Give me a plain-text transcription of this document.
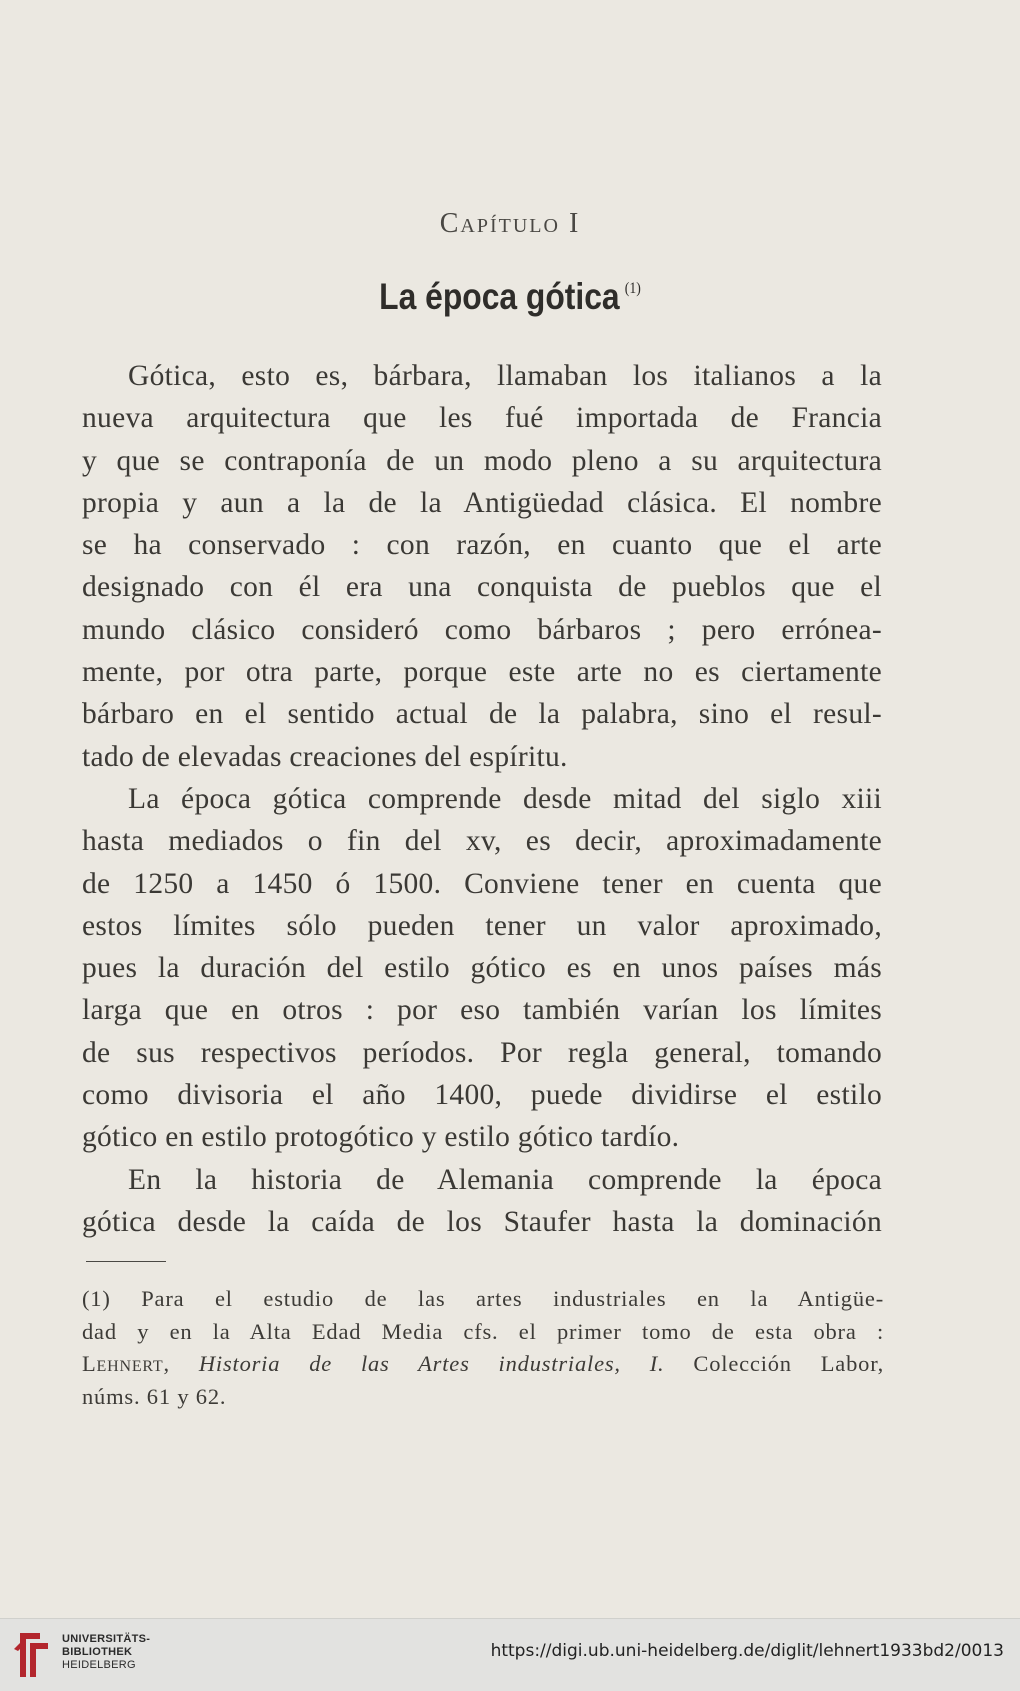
Capítulo I
La época gótica $^{(1)}$

Gótica, esto es, bárbara, llamaban los italianos a la
nueva arquitectura que les fué importada de Francia
y que se contraponía de un modo pleno a su arquitectura
propia y aun a la de la Antigüedad clásica. El nombre
se ha conservado : con razón, en cuanto que el arte
designado con él era una conquista de pueblos que el
mundo clásico consideró como bárbaros ; pero errónea-
mente, por otra parte, porque este arte no es ciertamente
bárbaro en el sentido actual de la palabra, sino el resul-
tado de elevadas creaciones del espíritu.

La época gótica comprende desde mitad del siglo xiii
hasta mediados o fin del xv, es decir, aproximadamente
de 1250 a 1450 ó 1500. Conviene tener en cuenta que
estos límites sólo pueden tener un valor aproximado,
pues la duración del estilo gótico es en unos países más
larga que en otros : por eso también varían los límites
de sus respectivos períodos. Por regla general, tomando
como divisoria el año 1400, puede dividirse el estilo
gótico en estilo protogótico y estilo gótico tardío.

En la historia de Alemania comprende la época
gótica desde la caída de los Staufer hasta la dominación

(1) Para el estudio de las artes industriales en la Antigüe-
dad y en la Alta Edad Media cfs. el primer tomo de esta obra :
Lehnert, Historia de las Artes industriales, I. Colección Labor,
núms. 61 y 62.
UNIVERSITÄTS-
BIBLIOTHEK
HEIDELBERG
https://digi.ub.uni-heidelberg.de/diglit/lehnert1933bd2/0013
